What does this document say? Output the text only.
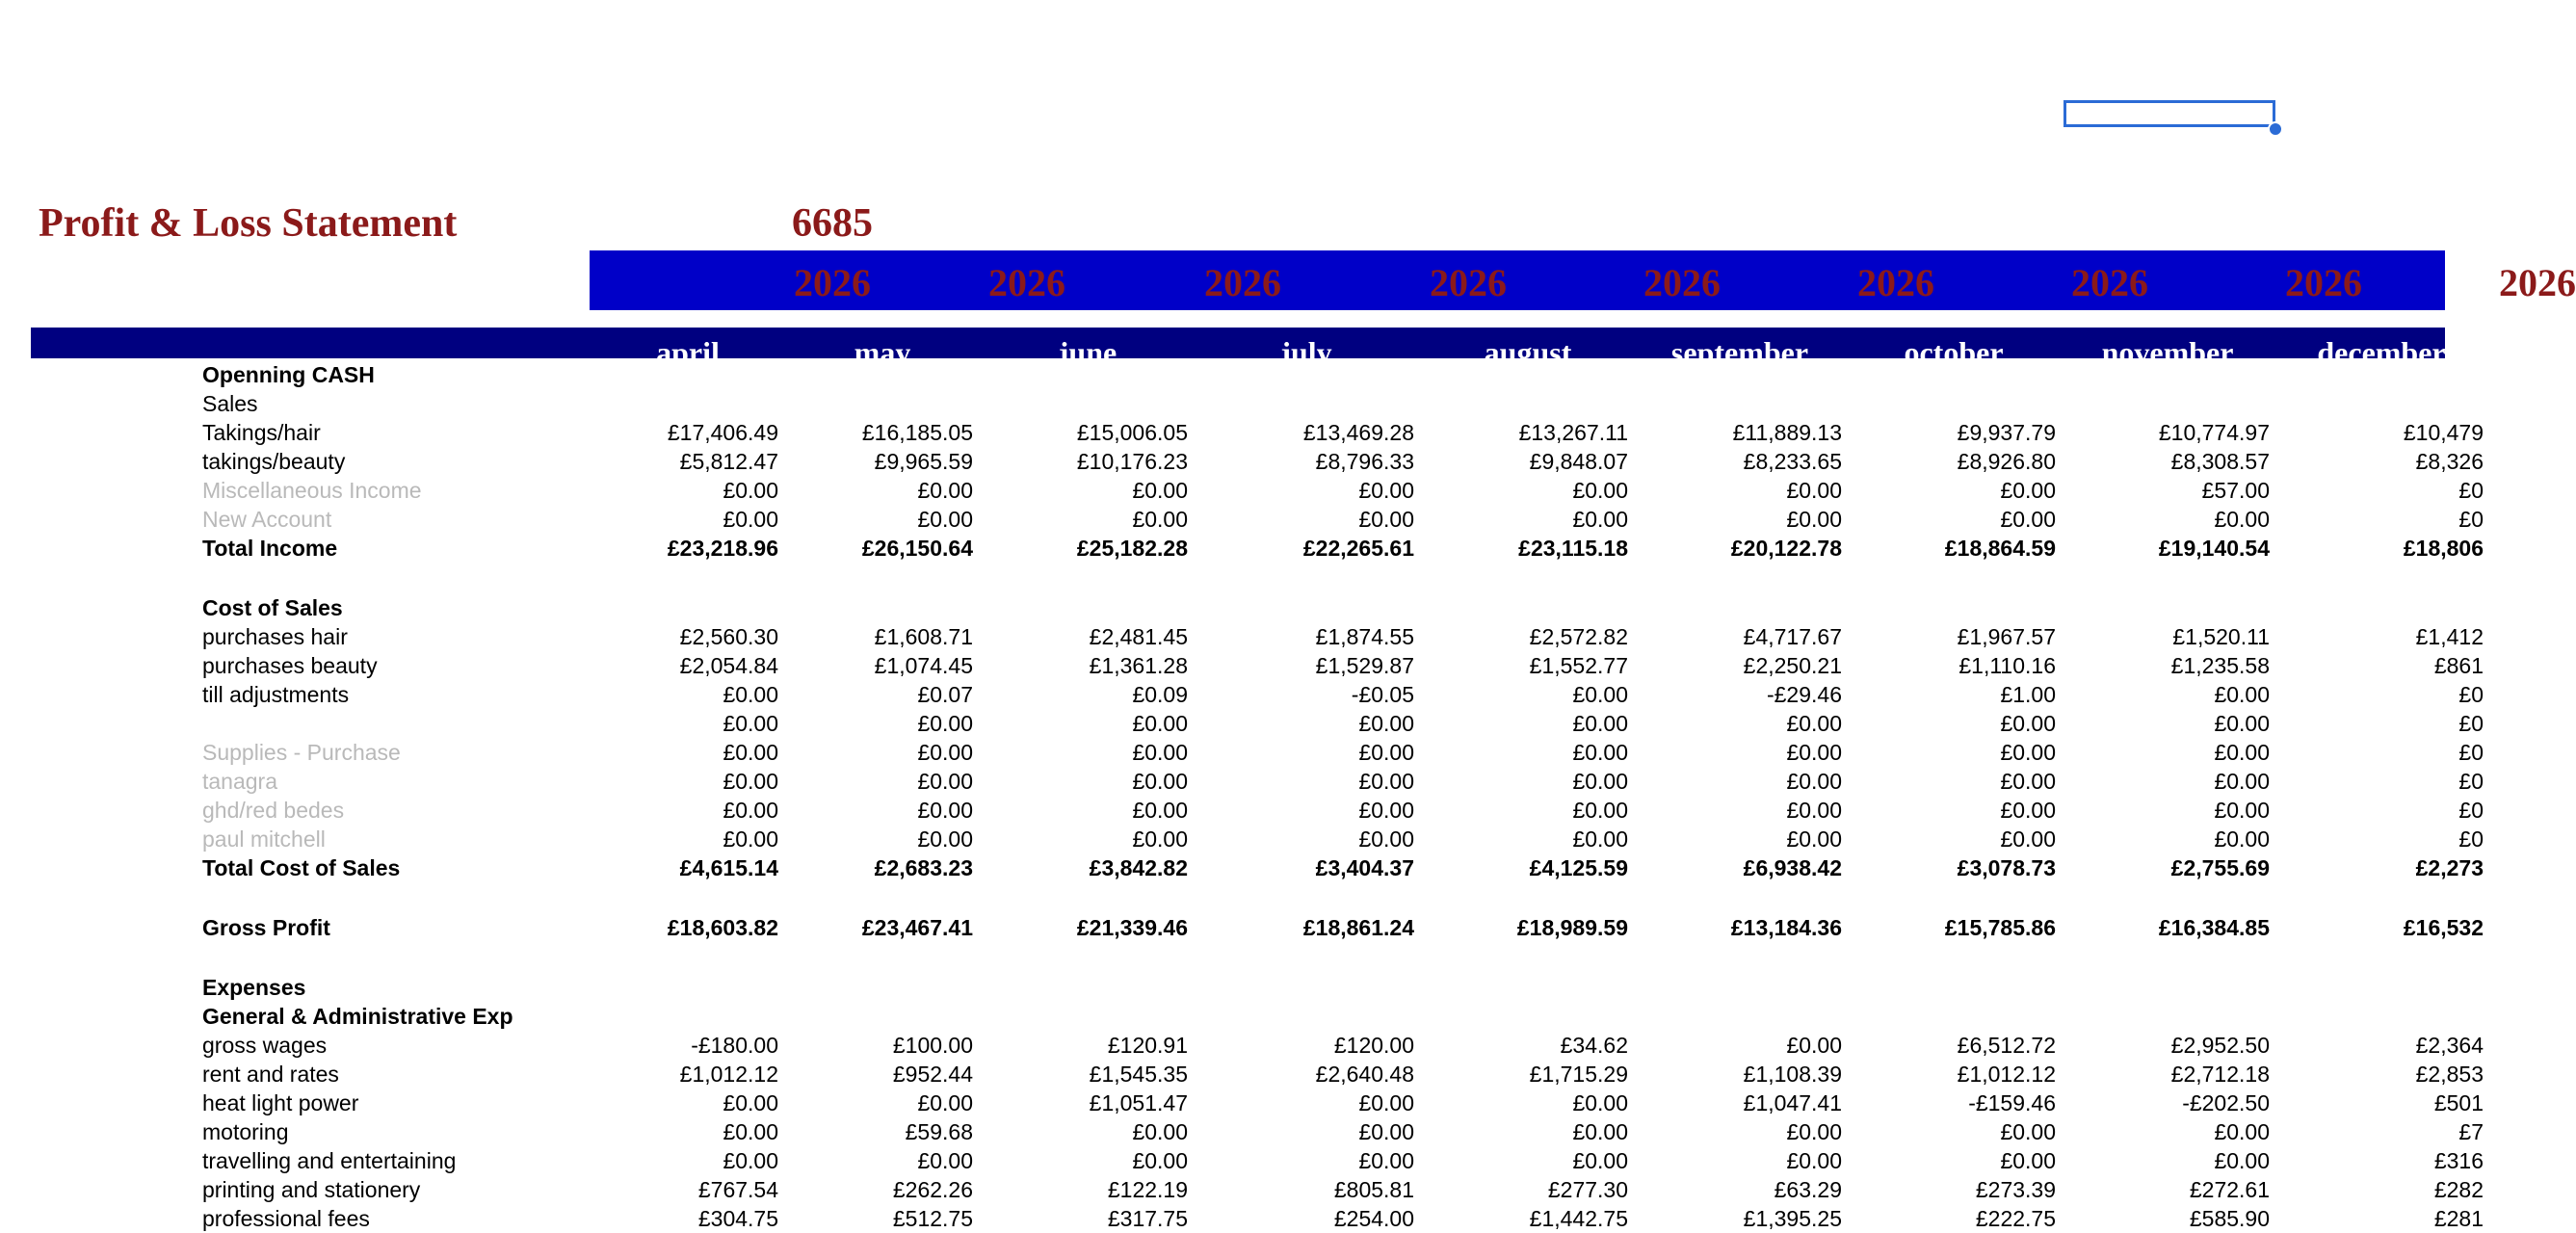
Profit & Loss Statement	6685
2026	2026	2026	2026	2026	2026	2026	2026	2026
april	may	june	july	august	september	october	november	december
Openning CASH
Sales
Takings/hair	£17,406.49	£16,185.05	£15,006.05	£13,469.28	£13,267.11	£11,889.13	£9,937.79	£10,774.97	£10,479
takings/beauty	£5,812.47	£9,965.59	£10,176.23	£8,796.33	£9,848.07	£8,233.65	£8,926.80	£8,308.57	£8,326
Miscellaneous Income	£0.00	£0.00	£0.00	£0.00	£0.00	£0.00	£0.00	£57.00	£0
New Account	£0.00	£0.00	£0.00	£0.00	£0.00	£0.00	£0.00	£0.00	£0
Total Income	£23,218.96	£26,150.64	£25,182.28	£22,265.61	£23,115.18	£20,122.78	£18,864.59	£19,140.54	£18,806
Cost of Sales
purchases hair	£2,560.30	£1,608.71	£2,481.45	£1,874.55	£2,572.82	£4,717.67	£1,967.57	£1,520.11	£1,412
purchases beauty	£2,054.84	£1,074.45	£1,361.28	£1,529.87	£1,552.77	£2,250.21	£1,110.16	£1,235.58	£861
till adjustments	£0.00	£0.07	£0.09	-£0.05	£0.00	-£29.46	£1.00	£0.00	£0
£0.00	£0.00	£0.00	£0.00	£0.00	£0.00	£0.00	£0.00	£0
Supplies - Purchase	£0.00	£0.00	£0.00	£0.00	£0.00	£0.00	£0.00	£0.00	£0
tanagra	£0.00	£0.00	£0.00	£0.00	£0.00	£0.00	£0.00	£0.00	£0
ghd/red bedes	£0.00	£0.00	£0.00	£0.00	£0.00	£0.00	£0.00	£0.00	£0
paul mitchell	£0.00	£0.00	£0.00	£0.00	£0.00	£0.00	£0.00	£0.00	£0
Total Cost of Sales	£4,615.14	£2,683.23	£3,842.82	£3,404.37	£4,125.59	£6,938.42	£3,078.73	£2,755.69	£2,273
Gross Profit	£18,603.82	£23,467.41	£21,339.46	£18,861.24	£18,989.59	£13,184.36	£15,785.86	£16,384.85	£16,532
Expenses
General & Administrative Exp
gross wages	-£180.00	£100.00	£120.91	£120.00	£34.62	£0.00	£6,512.72	£2,952.50	£2,364
rent and rates	£1,012.12	£952.44	£1,545.35	£2,640.48	£1,715.29	£1,108.39	£1,012.12	£2,712.18	£2,853
heat light power	£0.00	£0.00	£1,051.47	£0.00	£0.00	£1,047.41	-£159.46	-£202.50	£501
motoring	£0.00	£59.68	£0.00	£0.00	£0.00	£0.00	£0.00	£0.00	£7
travelling and entertaining	£0.00	£0.00	£0.00	£0.00	£0.00	£0.00	£0.00	£0.00	£316
printing and stationery	£767.54	£262.26	£122.19	£805.81	£277.30	£63.29	£273.39	£272.61	£282
professional fees	£304.75	£512.75	£317.75	£254.00	£1,442.75	£1,395.25	£222.75	£585.90	£281
